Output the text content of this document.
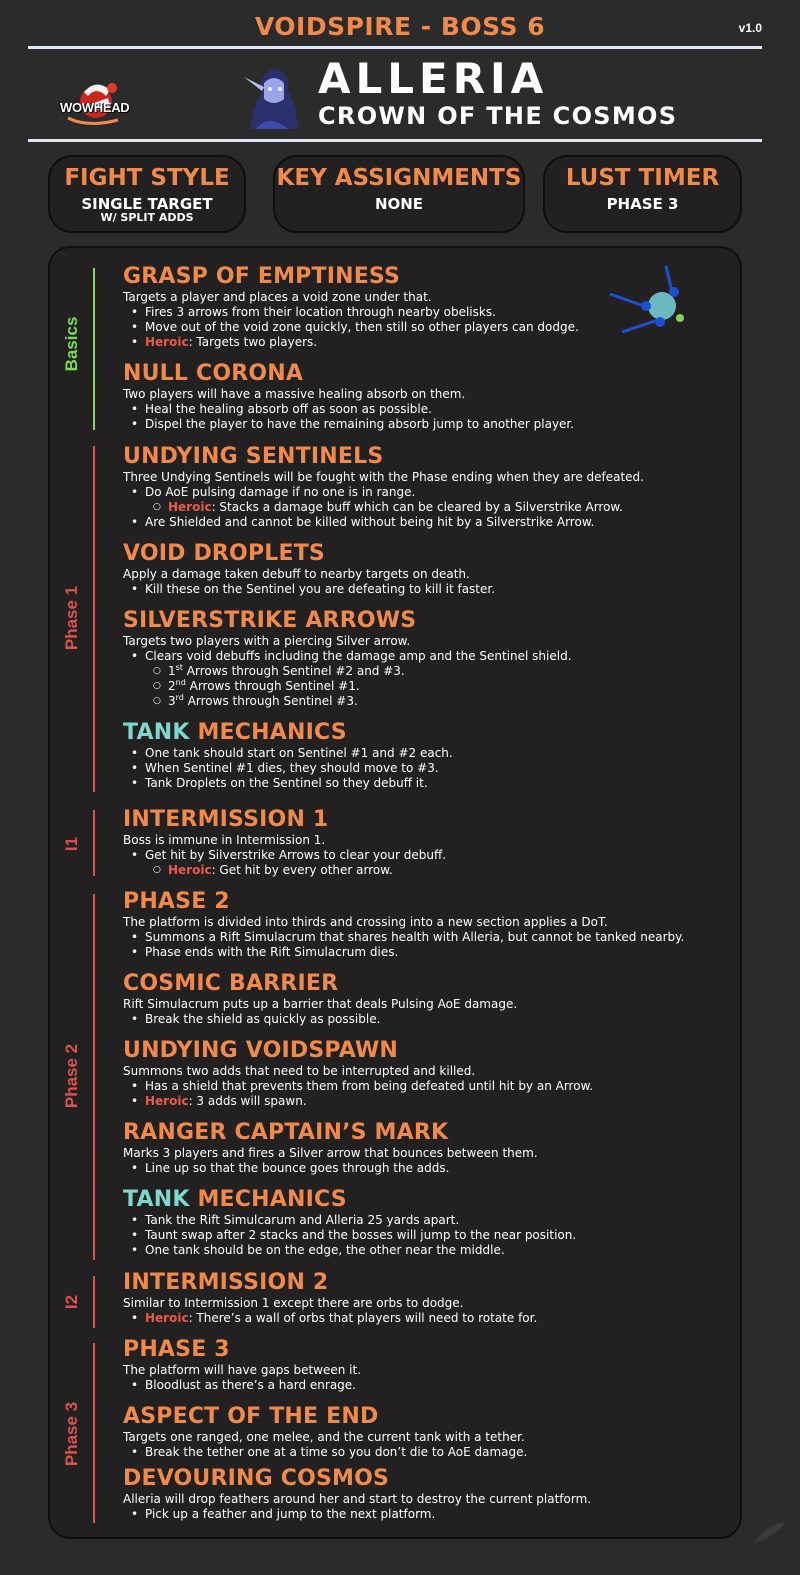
VOIDSPIRE - BOSS 6	v1.0
WOWHEAD
ALLERIA
CROWN OF THE COSMOS
FIGHT STYLE
SINGLE TARGET
W/ SPLIT ADDS
KEY ASSIGNMENTS
NONE
LUST TIMER
PHASE 3
Basics
Phase 1
I1
Phase 2
I2
Phase 3
GRASP OF EMPTINESS
Targets a player and places a void zone under that.
• Fires 3 arrows from their location through nearby obelisks.
• Move out of the void zone quickly, then still so other players can dodge.
• Heroic: Targets two players.
NULL CORONA
Two players will have a massive healing absorb on them.
• Heal the healing absorb off as soon as possible.
• Dispel the player to have the remaining absorb jump to another player.
UNDYING SENTINELS
Three Undying Sentinels will be fought with the Phase ending when they are defeated.
• Do AoE pulsing damage if no one is in range.
○ Heroic: Stacks a damage buff which can be cleared by a Silverstrike Arrow.
• Are Shielded and cannot be killed without being hit by a Silverstrike Arrow.
VOID DROPLETS
Apply a damage taken debuff to nearby targets on death.
• Kill these on the Sentinel you are defeating to kill it faster.
SILVERSTRIKE ARROWS
Targets two players with a piercing Silver arrow.
• Clears void debuffs including the damage amp and the Sentinel shield.
○ 1st Arrows through Sentinel #2 and #3.
○ 2nd Arrows through Sentinel #1.
○ 3rd Arrows through Sentinel #3.
TANK MECHANICS
• One tank should start on Sentinel #1 and #2 each.
• When Sentinel #1 dies, they should move to #3.
• Tank Droplets on the Sentinel so they debuff it.
INTERMISSION 1
Boss is immune in Intermission 1.
• Get hit by Silverstrike Arrows to clear your debuff.
○ Heroic: Get hit by every other arrow.
PHASE 2
The platform is divided into thirds and crossing into a new section applies a DoT.
• Summons a Rift Simulacrum that shares health with Alleria, but cannot be tanked nearby.
• Phase ends with the Rift Simulacrum dies.
COSMIC BARRIER
Rift Simulacrum puts up a barrier that deals Pulsing AoE damage.
• Break the shield as quickly as possible.
UNDYING VOIDSPAWN
Summons two adds that need to be interrupted and killed.
• Has a shield that prevents them from being defeated until hit by an Arrow.
• Heroic: 3 adds will spawn.
RANGER CAPTAIN’S MARK
Marks 3 players and fires a Silver arrow that bounces between them.
• Line up so that the bounce goes through the adds.
TANK MECHANICS
• Tank the Rift Simulcarum and Alleria 25 yards apart.
• Taunt swap after 2 stacks and the bosses will jump to the near position.
• One tank should be on the edge, the other near the middle.
INTERMISSION 2
Similar to Intermission 1 except there are orbs to dodge.
• Heroic: There’s a wall of orbs that players will need to rotate for.
PHASE 3
The platform will have gaps between it.
• Bloodlust as there’s a hard enrage.
ASPECT OF THE END
Targets one ranged, one melee, and the current tank with a tether.
• Break the tether one at a time so you don’t die to AoE damage.
DEVOURING COSMOS
Alleria will drop feathers around her and start to destroy the current platform.
• Pick up a feather and jump to the next platform.
